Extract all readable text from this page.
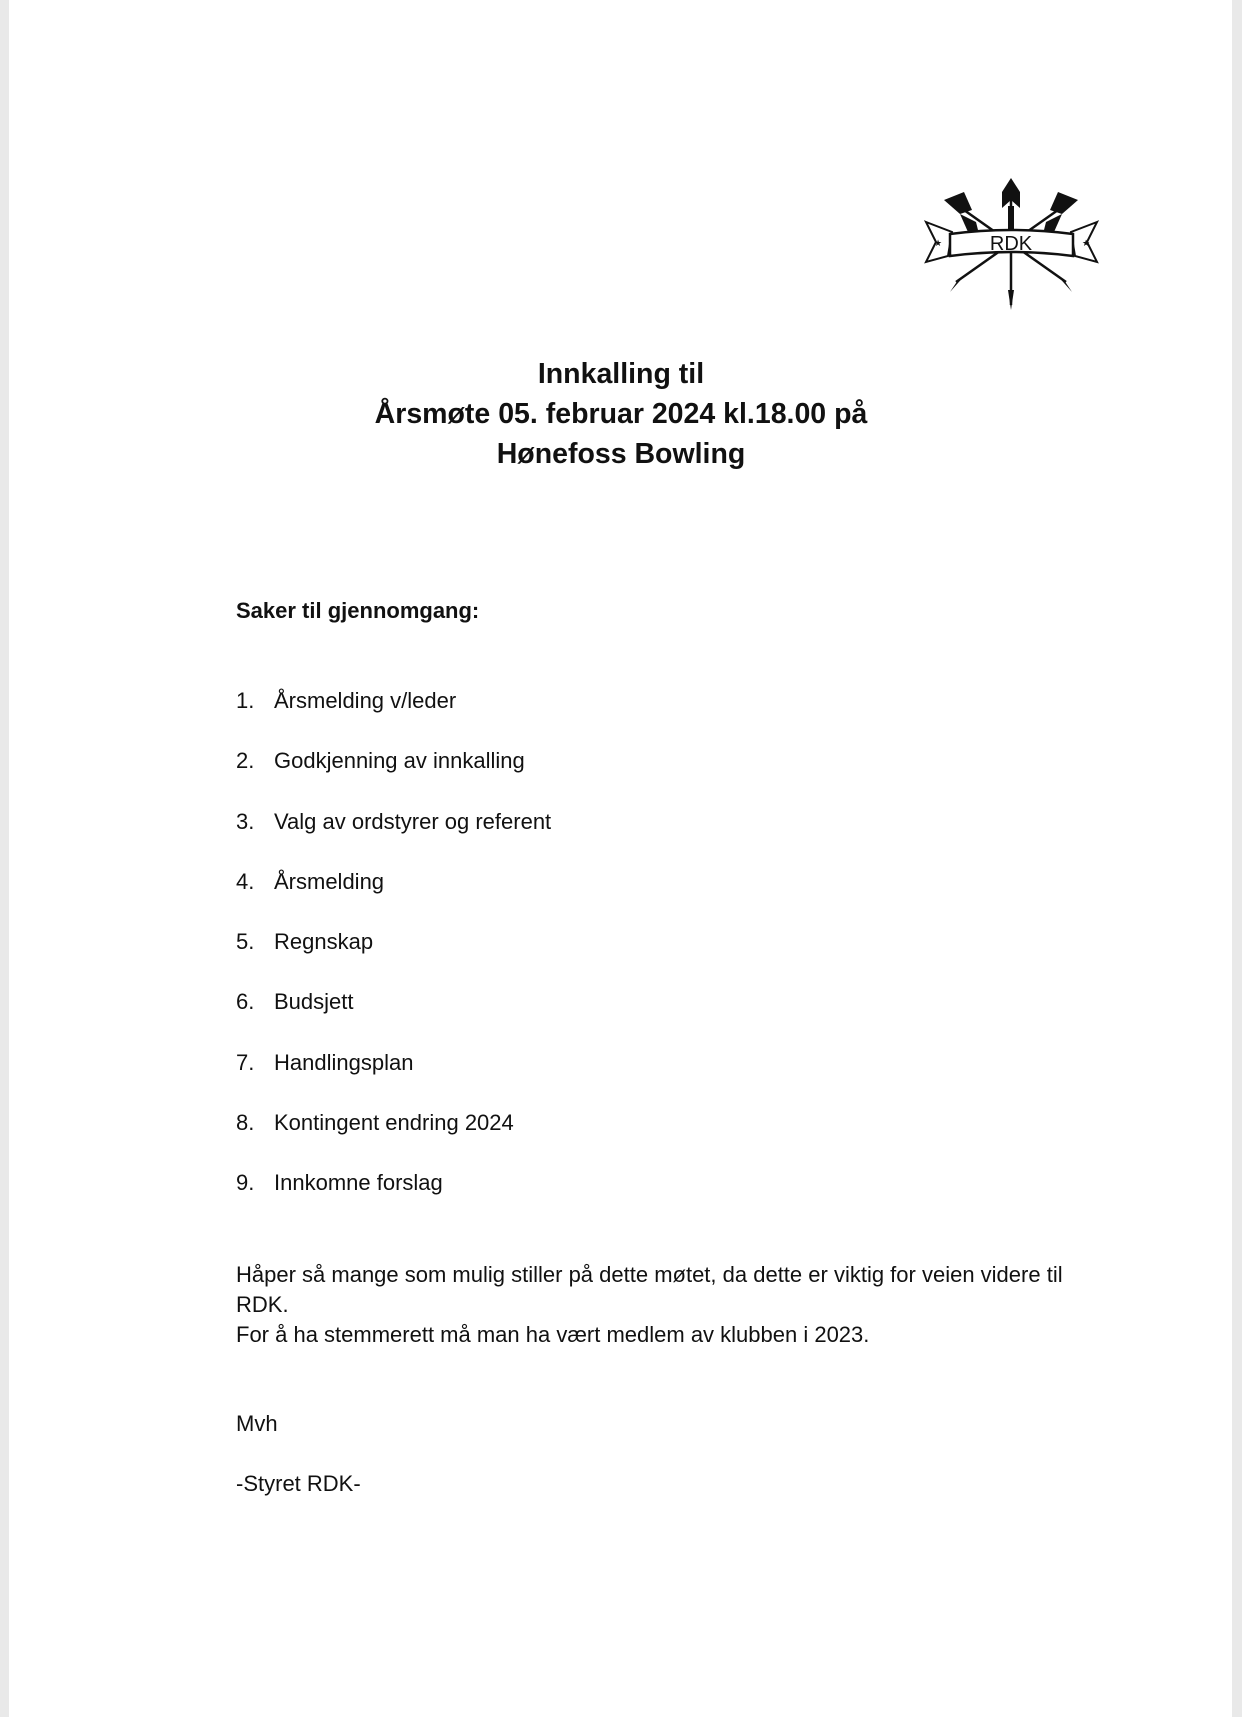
★	★
RDK
Innkalling til
Årsmøte 05. februar 2024 kl.18.00 på
Hønefoss Bowling
Saker til gjennomgang:
1. Årsmelding v/leder
2. Godkjenning av innkalling
3. Valg av ordstyrer og referent
4. Årsmelding
5. Regnskap
6. Budsjett
7. Handlingsplan
8. Kontingent endring 2024
9. Innkomne forslag

Håper så mange som mulig stiller på dette møtet, da dette er viktig for veien videre til RDK.

For å ha stemmerett må man ha vært medlem av klubben i 2023.

Mvh
-Styret RDK-
